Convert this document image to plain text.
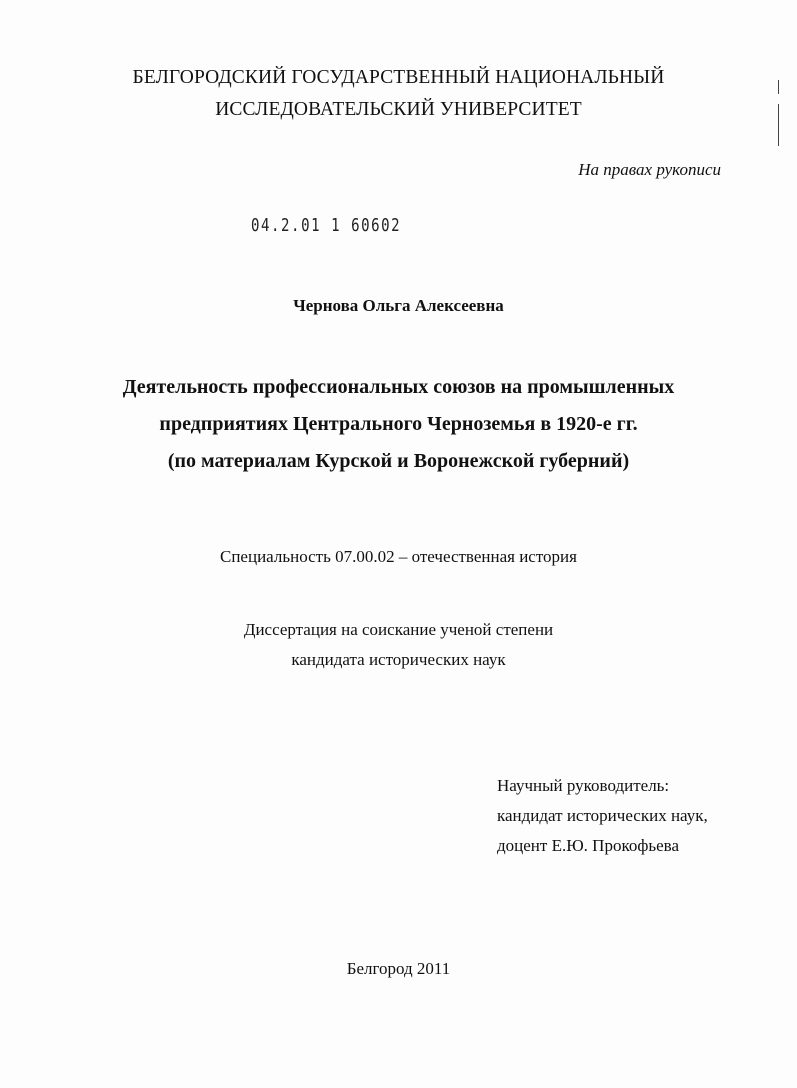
БЕЛГОРОДСКИЙ ГОСУДАРСТВЕННЫЙ НАЦИОНАЛЬНЫЙ
ИССЛЕДОВАТЕЛЬСКИЙ УНИВЕРСИТЕТ
На правах рукописи
04.2.01 1 60602
Чернова Ольга Алексеевна
Деятельность профессиональных союзов на промышленных
предприятиях Центрального Черноземья в 1920-е гг.
(по материалам Курской и Воронежской губерний)
Специальность 07.00.02 – отечественная история
Диссертация на соискание ученой степени
кандидата исторических наук
Научный руководитель:
кандидат исторических наук,
доцент Е.Ю. Прокофьева
Белгород 2011
